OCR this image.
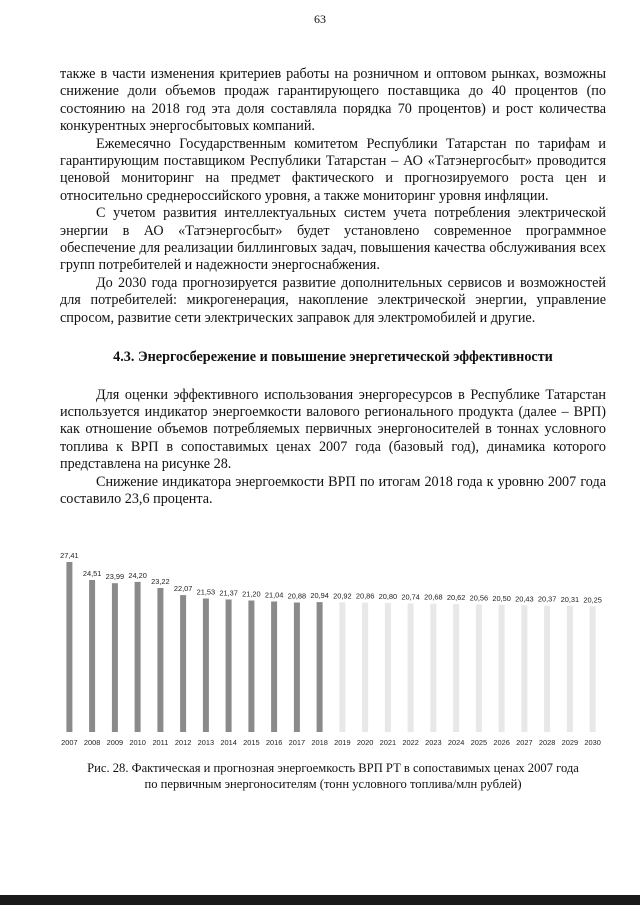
63

также в части изменения критериев работы на розничном и оптовом рынках, возможны снижение доли объемов продаж гарантирующего поставщика до 40 процентов (по состоянию на 2018 год эта доля составляла порядка 70 процентов) и рост количества конкурентных энергосбытовых компаний.

Ежемесячно Государственным комитетом Республики Татарстан по тарифам и гарантирующим поставщиком Республики Татарстан – АО «Татэнергосбыт» проводится ценовой мониторинг на предмет фактического и прогнозируемого роста цен и относительно среднероссийского уровня, а также мониторинг уровня инфляции.

С учетом развития интеллектуальных систем учета потребления электрической энергии в АО «Татэнергосбыт» будет установлено современное программное обеспечение для реализации биллинговых задач, повышения качества обслуживания всех групп потребителей и надежности энергоснабжения.

До 2030 года прогнозируется развитие дополнительных сервисов и возможностей для потребителей: микрогенерация, накопление электрической энергии, управление спросом, развитие сети электрических заправок для электромобилей и другие.

4.3. Энергосбережение и повышение энергетической эффективности

Для оценки эффективного использования энергоресурсов в Республике Татарстан используется индикатор энергоемкости валового регионального продукта (далее – ВРП) как отношение объемов потребляемых первичных энергоносителей в тоннах условного топлива к ВРП в сопоставимых ценах 2007 года (базовый год), динамика которого представлена на рисунке 28.

Снижение индикатора энергоемкости ВРП по итогам 2018 года к уровню 2007 года составило 23,6 процента.

27,41
2007
24,51
2008
23,99
2009
24,20
2010
23,22
2011
22,07
2012
21,53
2013
21,37
2014
21,20
2015
21,04
2016
20,88
2017
20,94
2018
20,92
2019
20,86
2020
20,80
2021
20,74
2022
20,68
2023
20,62
2024
20,56
2025
20,50
2026
20,43
2027
20,37
2028
20,31
2029
20,25
2030
Рис. 28. Фактическая и прогнозная энергоемкость ВРП РТ в сопоставимых ценах 2007 года
по первичным энергоносителям (тонн условного топлива/млн рублей)
